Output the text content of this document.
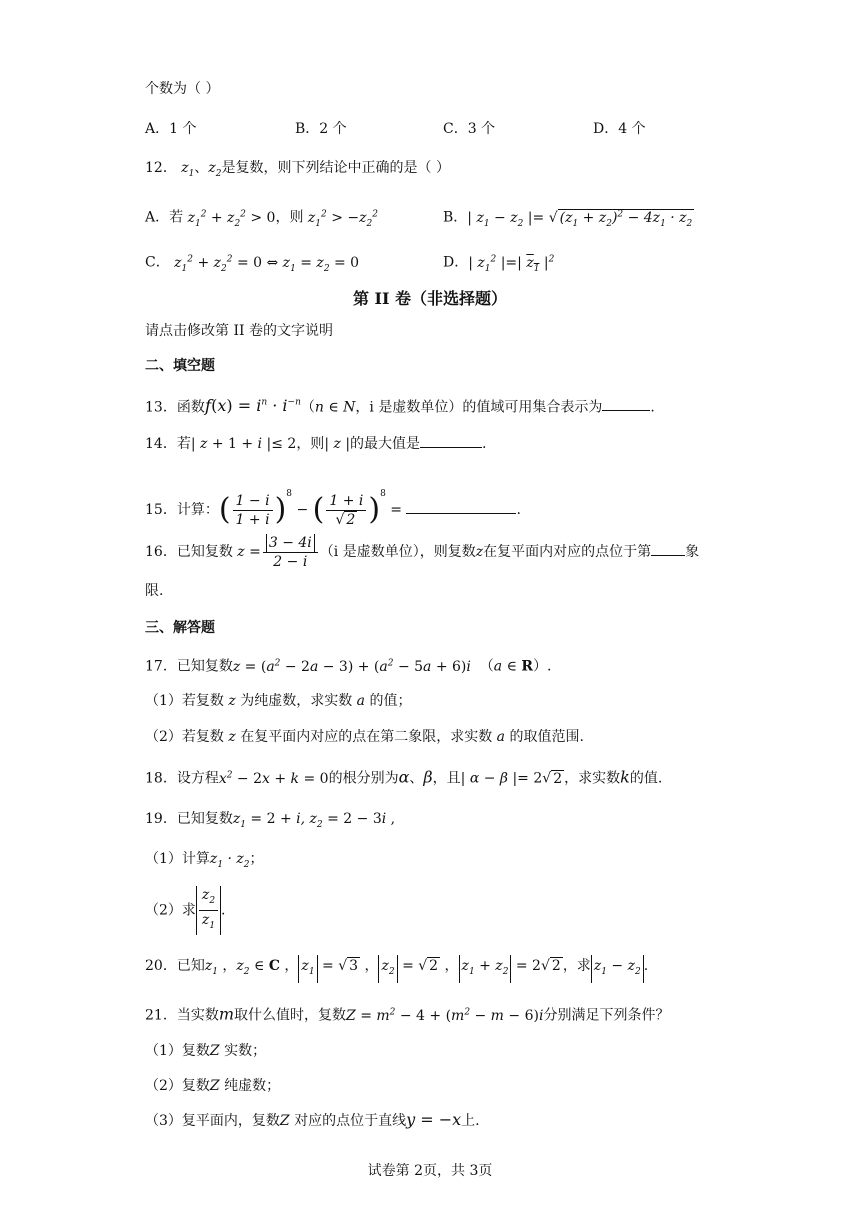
个数为（ ）
A．1 个	B．2 个	C．3 个	D．4 个
12． $z_1$、$z_2$是复数，则下列结论中正确的是（ ）
A．若 $z_1^2 + z_2^2 > 0$，则 $z_1^2 > -z_2^2$	B．| $z_1 - z_2$ |= √ $(z_1 + z_2)^2 - 4z_1 \cdot z_2$
C． $z_1^2 + z_2^2 = 0$ ⇔ $z_1 = z_2 = 0$	D．| $z_1^2$ |=| $z_1$ $|^2$
第 II 卷（非选择题）
请点击修改第 II 卷的文字说明
二、填空题
13．函数$f(x) = i^n \cdot i^{-n}(n$ ∈ N，i 是虚数单位）的值域可用集合表示为	.
14．若| z + 1 + i |≤ 2，则| z |的最大值是	.
15．计算：( $\frac{1 - i}{1 + i} )^8$ − ( $\frac{1 + i}{√ 2} )^8$ =	.
16．已知复数 $z = \frac{3 - 4i}{2 - i} (i$ 是虚数单位），则复数z在复平面内对应的点位于第 象
限.
三、解答题
17．已知复数$z = (a^2 - 2a - 3) + (a^2 - 5a + 6)i$ （a ∈ R）.
（1）若复数 z 为纯虚数，求实数 a 的值；
（2）若复数 z 在复平面内对应的点在第二象限，求实数 a 的取值范围.
18．设方程$x^2 - 2x + k = 0$的根分别为α、β，且| α − β |= 2√ 2 ，求实数k的值.
19．已知复数$z_1 = 2 + i$, $z_2 = 2 - 3i$ ,
（1）计算$z_1 \cdot z_2$；
（2）求 $\frac{z_2}{z_1}$ .
20．已知$z_1$ ，$z_2$ ∈ C ， $z_1$ = √ 3 ， $z_2$ = √ 2 ， $z_1 + z_2 = 2√$ 2 ，求 $z_1 - z_2$ .
21．当实数m取什么值时，复数$Z = m^2 - 4 + (m^2 - m - 6)i$分别满足下列条件？
（1）复数Z 实数；
（2）复数Z 纯虚数；
（3）复平面内，复数Z 对应的点位于直线y = −x上.
试卷第 2页，共 3页
